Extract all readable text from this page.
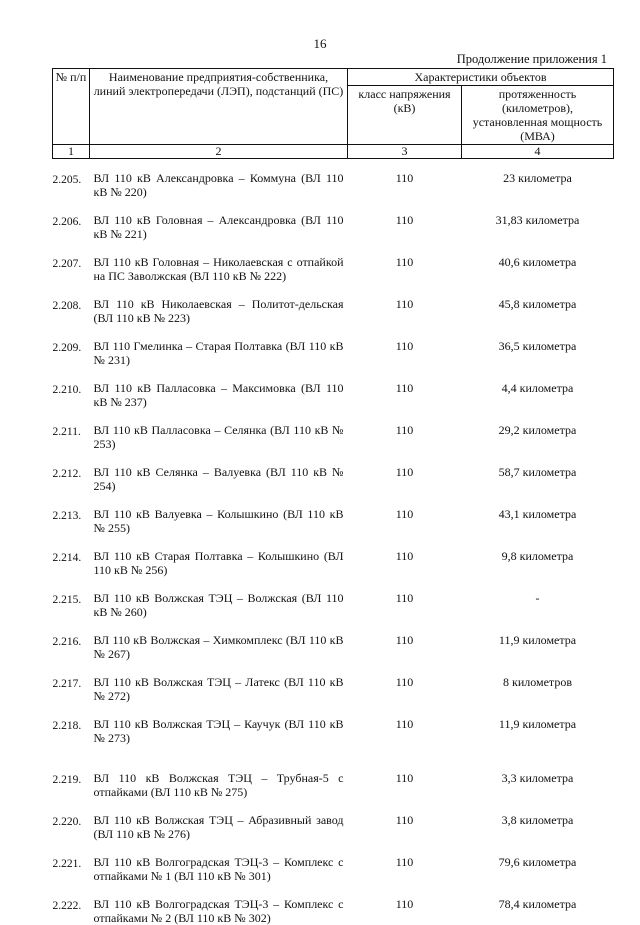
16
Продолжение приложения 1
№ п/п	Наименование предприятия-собственника, линий электропередачи (ЛЭП), подстанций (ПС)	Характеристики объектов	
		класс напряжения (кВ)	протяженность (километров), установленная мощность (МВА)
1	2	3	4

2.205.	ВЛ 110 кВ Александровка – Коммуна (ВЛ 110 кВ № 220)	110	23 километра

2.206.	ВЛ 110 кВ Головная – Александровка (ВЛ 110 кВ № 221)	110	31,83 километра

2.207.	ВЛ 110 кВ Головная – Николаевская с отпайкой на ПС Заволжская (ВЛ 110 кВ № 222)	110	40,6 километра

2.208.	ВЛ 110 кВ Николаевская – Политот-дельская (ВЛ 110 кВ № 223)	110	45,8 километра

2.209.	ВЛ 110 Гмелинка – Старая Полтавка (ВЛ 110 кВ № 231)	110	36,5 километра

2.210.	ВЛ 110 кВ Палласовка – Максимовка (ВЛ 110 кВ № 237)	110	4,4 километра

2.211.	ВЛ 110 кВ Палласовка – Селянка (ВЛ 110 кВ № 253)	110	29,2 километра

2.212.	ВЛ 110 кВ Селянка – Валуевка (ВЛ 110 кВ № 254)	110	58,7 километра

2.213.	ВЛ 110 кВ Валуевка – Колышкино (ВЛ 110 кВ № 255)	110	43,1 километра

2.214.	ВЛ 110 кВ Старая Полтавка – Колышкино (ВЛ 110 кВ № 256)	110	9,8 километра

2.215.	ВЛ 110 кВ Волжская ТЭЦ – Волжская (ВЛ 110 кВ № 260)	110	-

2.216.	ВЛ 110 кВ Волжская – Химкомплекс (ВЛ 110 кВ № 267)	110	11,9 километра

2.217.	ВЛ 110 кВ Волжская ТЭЦ – Латекс (ВЛ 110 кВ № 272)	110	8 километров

2.218.	ВЛ 110 кВ Волжская ТЭЦ – Каучук (ВЛ 110 кВ № 273)	110	11,9 километра

2.219.	ВЛ 110 кВ Волжская ТЭЦ – Трубная-5 с отпайками (ВЛ 110 кВ № 275)	110	3,3 километра

2.220.	ВЛ 110 кВ Волжская ТЭЦ – Абразивный завод (ВЛ 110 кВ № 276)	110	3,8 километра

2.221.	ВЛ 110 кВ Волгоградская ТЭЦ-3 – Комплекс с отпайками № 1 (ВЛ 110 кВ № 301)	110	79,6 километра

2.222.	ВЛ 110 кВ Волгоградская ТЭЦ-3 – Комплекс с отпайками № 2 (ВЛ 110 кВ № 302)	110	78,4 километра
